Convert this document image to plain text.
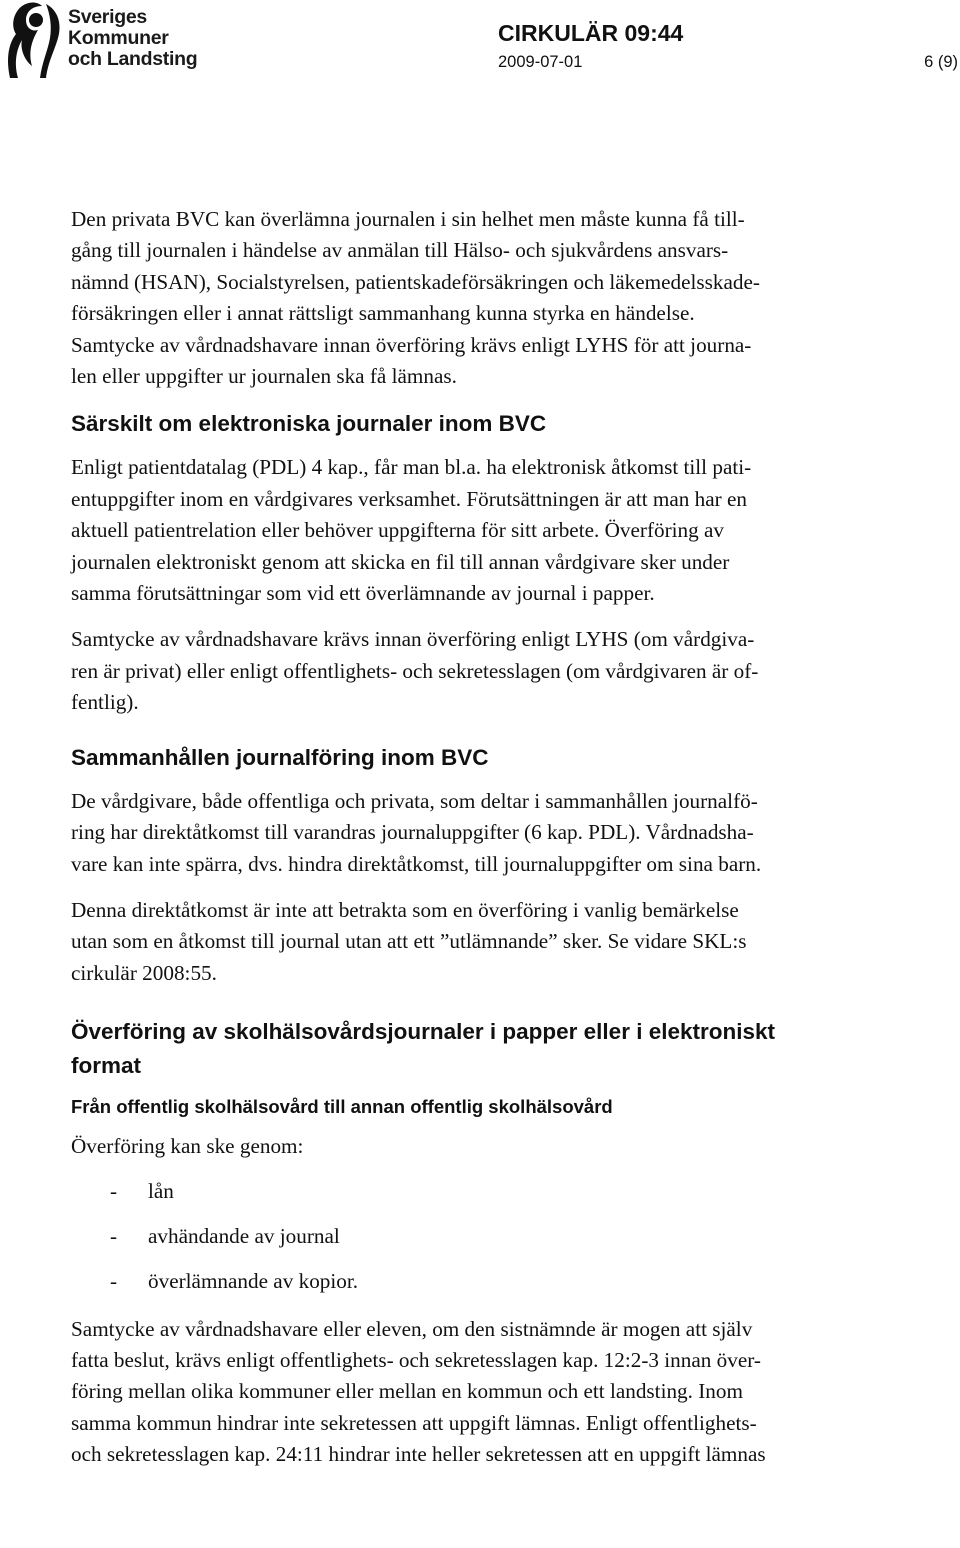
Sveriges
Kommuner
och Landsting
CIRKULÄR 09:44
2009-07-01	6 (9)
Den privata BVC kan överlämna journalen i sin helhet men måste kunna få till-
gång till journalen i händelse av anmälan till Hälso- och sjukvårdens ansvars-
nämnd (HSAN), Socialstyrelsen, patientskadeförsäkringen och läkemedelsskade-
försäkringen eller i annat rättsligt sammanhang kunna styrka en händelse.
Samtycke av vårdnadshavare innan överföring krävs enligt LYHS för att journa-
len eller uppgifter ur journalen ska få lämnas.
Särskilt om elektroniska journaler inom BVC
Enligt patientdatalag (PDL) 4 kap., får man bl.a. ha elektronisk åtkomst till pati-
entuppgifter inom en vårdgivares verksamhet. Förutsättningen är att man har en
aktuell patientrelation eller behöver uppgifterna för sitt arbete. Överföring av
journalen elektroniskt genom att skicka en fil till annan vårdgivare sker under
samma förutsättningar som vid ett överlämnande av journal i papper.
Samtycke av vårdnadshavare krävs innan överföring enligt LYHS (om vårdgiva-
ren är privat) eller enligt offentlighets- och sekretesslagen (om vårdgivaren är of-
fentlig).
Sammanhållen journalföring inom BVC
De vårdgivare, både offentliga och privata, som deltar i sammanhållen journalfö-
ring har direktåtkomst till varandras journaluppgifter (6 kap. PDL). Vårdnadsha-
vare kan inte spärra, dvs. hindra direktåtkomst, till journaluppgifter om sina barn.
Denna direktåtkomst är inte att betrakta som en överföring i vanlig bemärkelse
utan som en åtkomst till journal utan att ett ”utlämnande” sker. Se vidare SKL:s
cirkulär 2008:55.
Överföring av skolhälsovårdsjournaler i papper eller i elektroniskt
format
Från offentlig skolhälsovård till annan offentlig skolhälsovård
Överföring kan ske genom:
- lån
- avhändande av journal
- överlämnande av kopior.
Samtycke av vårdnadshavare eller eleven, om den sistnämnde är mogen att själv
fatta beslut, krävs enligt offentlighets- och sekretesslagen kap. 12:2-3 innan över-
föring mellan olika kommuner eller mellan en kommun och ett landsting. Inom
samma kommun hindrar inte sekretessen att uppgift lämnas. Enligt offentlighets-
och sekretesslagen kap. 24:11 hindrar inte heller sekretessen att en uppgift lämnas
